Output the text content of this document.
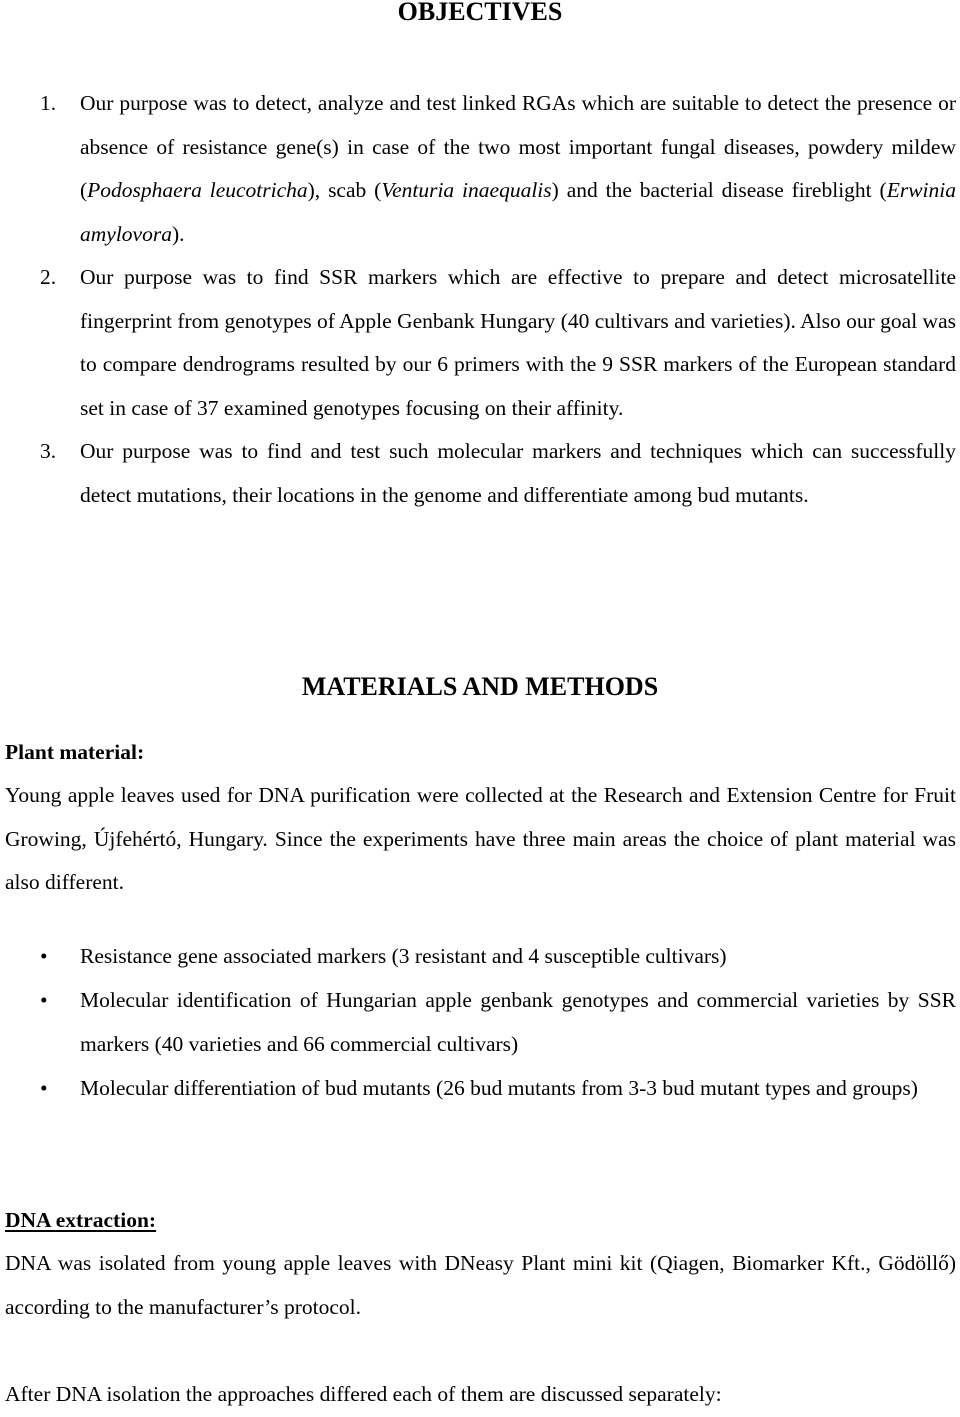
OBJECTIVES
1. Our purpose was to detect, analyze and test linked RGAs which are suitable to detect the presence or absence of resistance gene(s) in case of the two most important fungal diseases, powdery mildew (Podosphaera leucotricha), scab (Venturia inaequalis) and the bacterial disease fireblight (Erwinia amylovora).
2. Our purpose was to find SSR markers which are effective to prepare and detect microsatellite fingerprint from genotypes of Apple Genbank Hungary (40 cultivars and varieties). Also our goal was to compare dendrograms resulted by our 6 primers with the 9 SSR markers of the European standard set in case of 37 examined genotypes focusing on their affinity.
3. Our purpose was to find and test such molecular markers and techniques which can successfully detect mutations, their locations in the genome and differentiate among bud mutants.
MATERIALS AND METHODS

Plant material:

Young apple leaves used for DNA purification were collected at the Research and Extension Centre for Fruit Growing, Újfehértó, Hungary. Since the experiments have three main areas the choice of plant material was also different.

• Resistance gene associated markers (3 resistant and 4 susceptible cultivars)
• Molecular identification of Hungarian apple genbank genotypes and commercial varieties by SSR markers (40 varieties and 66 commercial cultivars)
• Molecular differentiation of bud mutants (26 bud mutants from 3-3 bud mutant types and groups)

DNA extraction:

DNA was isolated from young apple leaves with DNeasy Plant mini kit (Qiagen, Biomarker Kft., Gödöllő) according to the manufacturer’s protocol.

After DNA isolation the approaches differed each of them are discussed separately:
